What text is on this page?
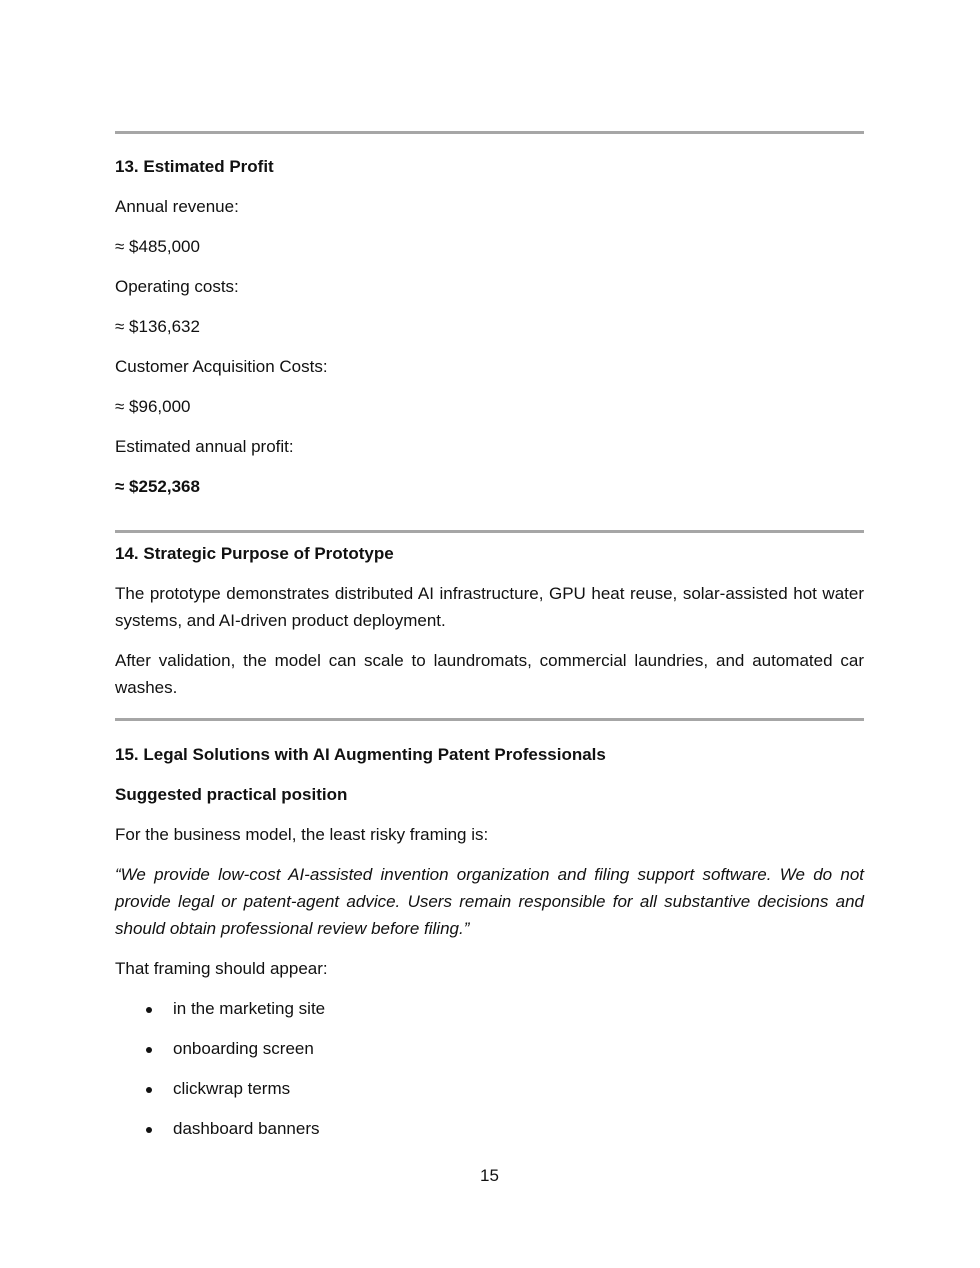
13. Estimated Profit
Annual revenue:
≈ $485,000
Operating costs:
≈ $136,632
Customer Acquisition Costs:
≈ $96,000
Estimated annual profit:
≈ $252,368
14. Strategic Purpose of Prototype
The prototype demonstrates distributed AI infrastructure, GPU heat reuse, solar-assisted hot water systems, and AI-driven product deployment.
After validation, the model can scale to laundromats, commercial laundries, and automated car washes.
15. Legal Solutions with AI Augmenting Patent Professionals
Suggested practical position
For the business model, the least risky framing is:
“We provide low-cost AI-assisted invention organization and filing support software. We do not provide legal or patent-agent advice. Users remain responsible for all substantive decisions and should obtain professional review before filing.”
That framing should appear:
in the marketing site
onboarding screen
clickwrap terms
dashboard banners
15
